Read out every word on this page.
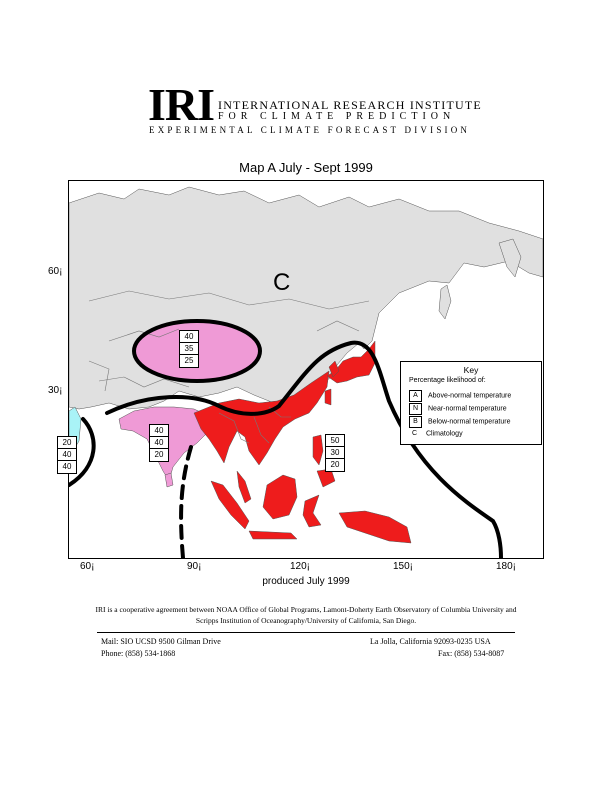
IRI INTERNATIONAL RESEARCH INSTITUTE
FOR CLIMATE PREDICTION
EXPERIMENTAL CLIMATE FORECAST DIVISION
Map A July - Sept 1999
C
40
35
25
40
40
20
50
30
20
20
40
40
60¡
30¡
60¡	90¡	120¡	150¡	180¡
Key
Percentage likelihood of:
A Above-normal temperature
N Near-normal temperature
B Below-normal temperature
C Climatology
produced July 1999
IRI is a cooperative agreement between NOAA Office of Global Programs, Lamont-Doherty Earth Observatory of Columbia University and Scripps Institution of Oceanography/University of California, San Diego.
Mail: SIO UCSD 9500 Gilman Drive	La Jolla, California 92093-0235 USA
Phone: (858) 534-1868	Fax: (858) 534-8087
